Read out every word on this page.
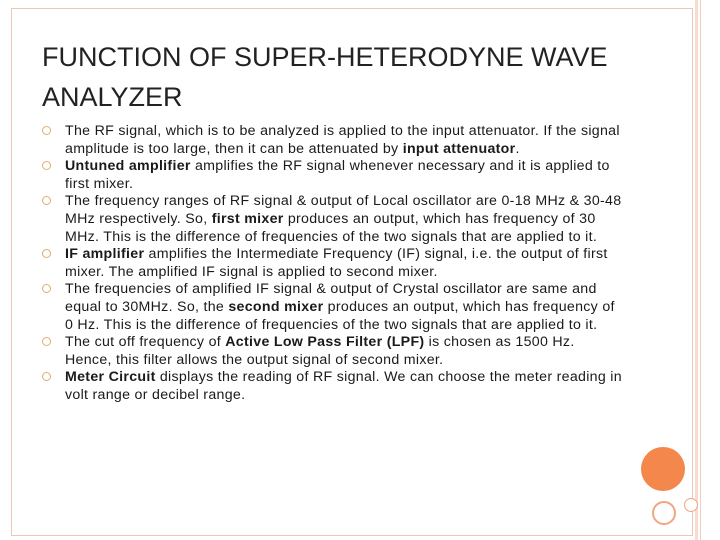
FUNCTION OF SUPER-HETERODYNE WAVE ANALYZER
The RF signal, which is to be analyzed is applied to the input attenuator. If the signal amplitude is too large, then it can be attenuated by input attenuator.
Untuned amplifier amplifies the RF signal whenever necessary and it is applied to first mixer.
The frequency ranges of RF signal & output of Local oscillator are 0-18 MHz & 30-48 MHz respectively. So, first mixer produces an output, which has frequency of 30 MHz. This is the difference of frequencies of the two signals that are applied to it.
IF amplifier amplifies the Intermediate Frequency (IF) signal, i.e. the output of first mixer. The amplified IF signal is applied to second mixer.
The frequencies of amplified IF signal & output of Crystal oscillator are same and equal to 30MHz. So, the second mixer produces an output, which has frequency of 0 Hz. This is the difference of frequencies of the two signals that are applied to it.
The cut off frequency of Active Low Pass Filter (LPF) is chosen as 1500 Hz. Hence, this filter allows the output signal of second mixer.
Meter Circuit displays the reading of RF signal. We can choose the meter reading in volt range or decibel range.
